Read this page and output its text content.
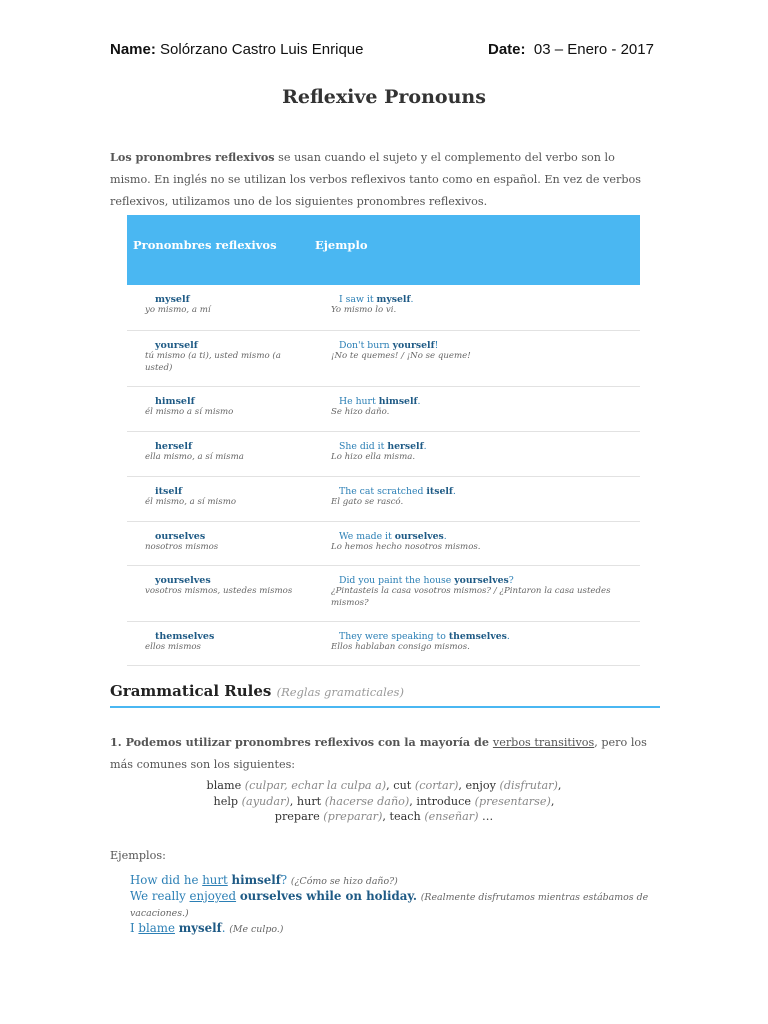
Name: Solórzano Castro Luis Enrique	Date: 03 – Enero - 2017
Reflexive Pronouns
Los pronombres reflexivos se usan cuando el sujeto y el complemento del verbo son lo mismo. En inglés no se utilizan los verbos reflexivos tanto como en español. En vez de verbos reflexivos, utilizamos uno de los siguientes pronombres reflexivos.
Pronombres reflexivos	Ejemplo
myself
yo mismo, a mí
I saw it myself.
Yo mismo lo vi.
yourself
tú mismo (a ti), usted mismo (a usted)
Don't burn yourself!
¡No te quemes! / ¡No se queme!
himself
él mismo a sí mismo
He hurt himself.
Se hizo daño.
herself
ella mismo, a sí misma
She did it herself.
Lo hizo ella misma.
itself
él mismo, a sí mismo
The cat scratched itself.
El gato se rascó.
ourselves
nosotros mismos
We made it ourselves.
Lo hemos hecho nosotros mismos.
yourselves
vosotros mismos, ustedes mismos
Did you paint the house yourselves?
¿Pintasteis la casa vosotros mismos? / ¿Pintaron la casa ustedes mismos?
themselves
ellos mismos
They were speaking to themselves.
Ellos hablaban consigo mismos.
Grammatical Rules (Reglas gramaticales)
1. Podemos utilizar pronombres reflexivos con la mayoría de verbos transitivos, pero los más comunes son los siguientes:
blame (culpar, echar la culpa a), cut (cortar), enjoy (disfrutar),
help (ayudar), hurt (hacerse daño), introduce (presentarse),
prepare (preparar), teach (enseñar) …
Ejemplos:
How did he hurt himself? (¿Cómo se hizo daño?)
We really enjoyed ourselves while on holiday. (Realmente disfrutamos mientras estábamos de vacaciones.)
I blame myself. (Me culpo.)
